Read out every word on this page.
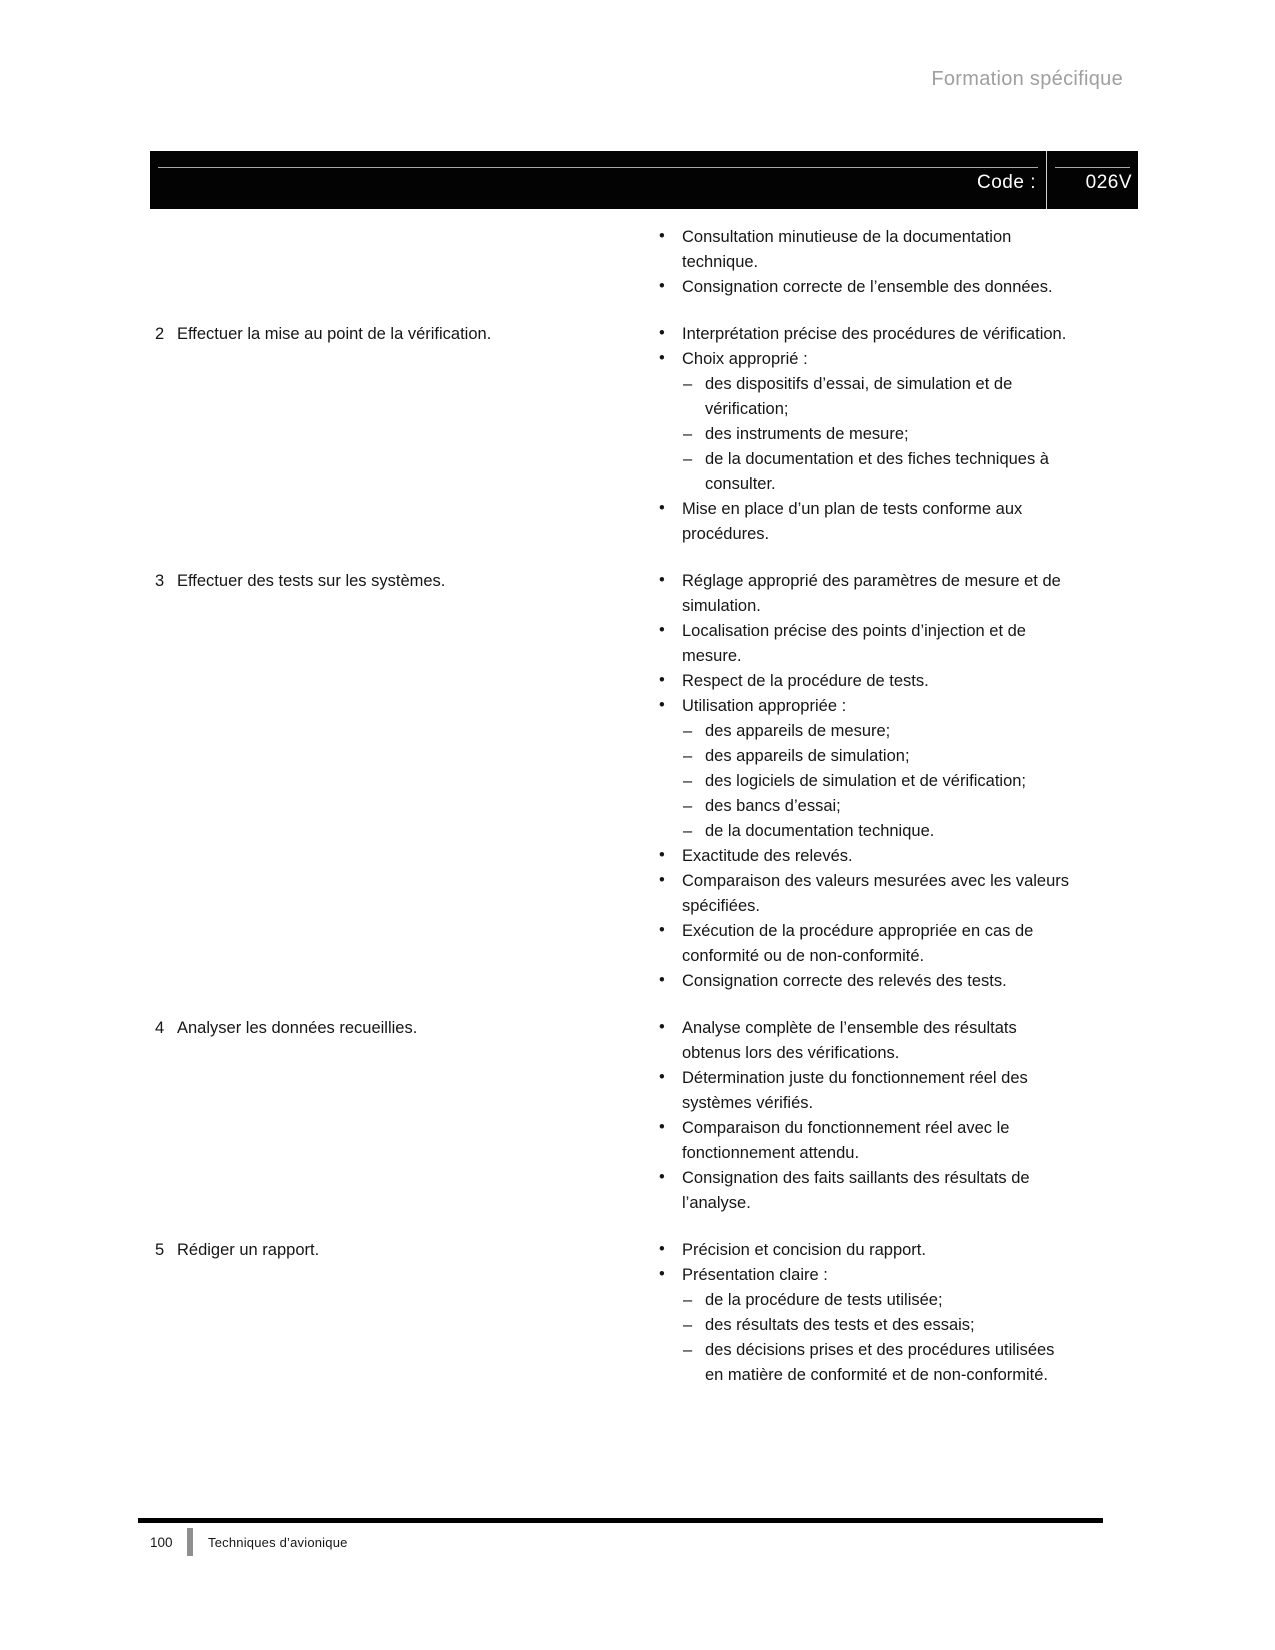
Formation spécifique
Code :	026V
• Consultation minutieuse de la documentation technique.
• Consignation correcte de l’ensemble des données.
2 Effectuer la mise au point de la vérification.	• Interprétation précise des procédures de vérification.
• Choix approprié :
– des dispositifs d’essai, de simulation et de vérification;
– des instruments de mesure;
– de la documentation et des fiches techniques à consulter.
• Mise en place d’un plan de tests conforme aux procédures.
3 Effectuer des tests sur les systèmes.	• Réglage approprié des paramètres de mesure et de simulation.
• Localisation précise des points d’injection et de mesure.
• Respect de la procédure de tests.
• Utilisation appropriée :
– des appareils de mesure;
– des appareils de simulation;
– des logiciels de simulation et de vérification;
– des bancs d’essai;
– de la documentation technique.
• Exactitude des relevés.
• Comparaison des valeurs mesurées avec les valeurs spécifiées.
• Exécution de la procédure appropriée en cas de conformité ou de non-conformité.
• Consignation correcte des relevés des tests.
4 Analyser les données recueillies.	• Analyse complète de l’ensemble des résultats obtenus lors des vérifications.
• Détermination juste du fonctionnement réel des systèmes vérifiés.
• Comparaison du fonctionnement réel avec le fonctionnement attendu.
• Consignation des faits saillants des résultats de l’analyse.
5 Rédiger un rapport.	• Précision et concision du rapport.
• Présentation claire :
– de la procédure de tests utilisée;
– des résultats des tests et des essais;
– des décisions prises et des procédures utilisées en matière de conformité et de non-conformité.
100	Techniques d’avionique
